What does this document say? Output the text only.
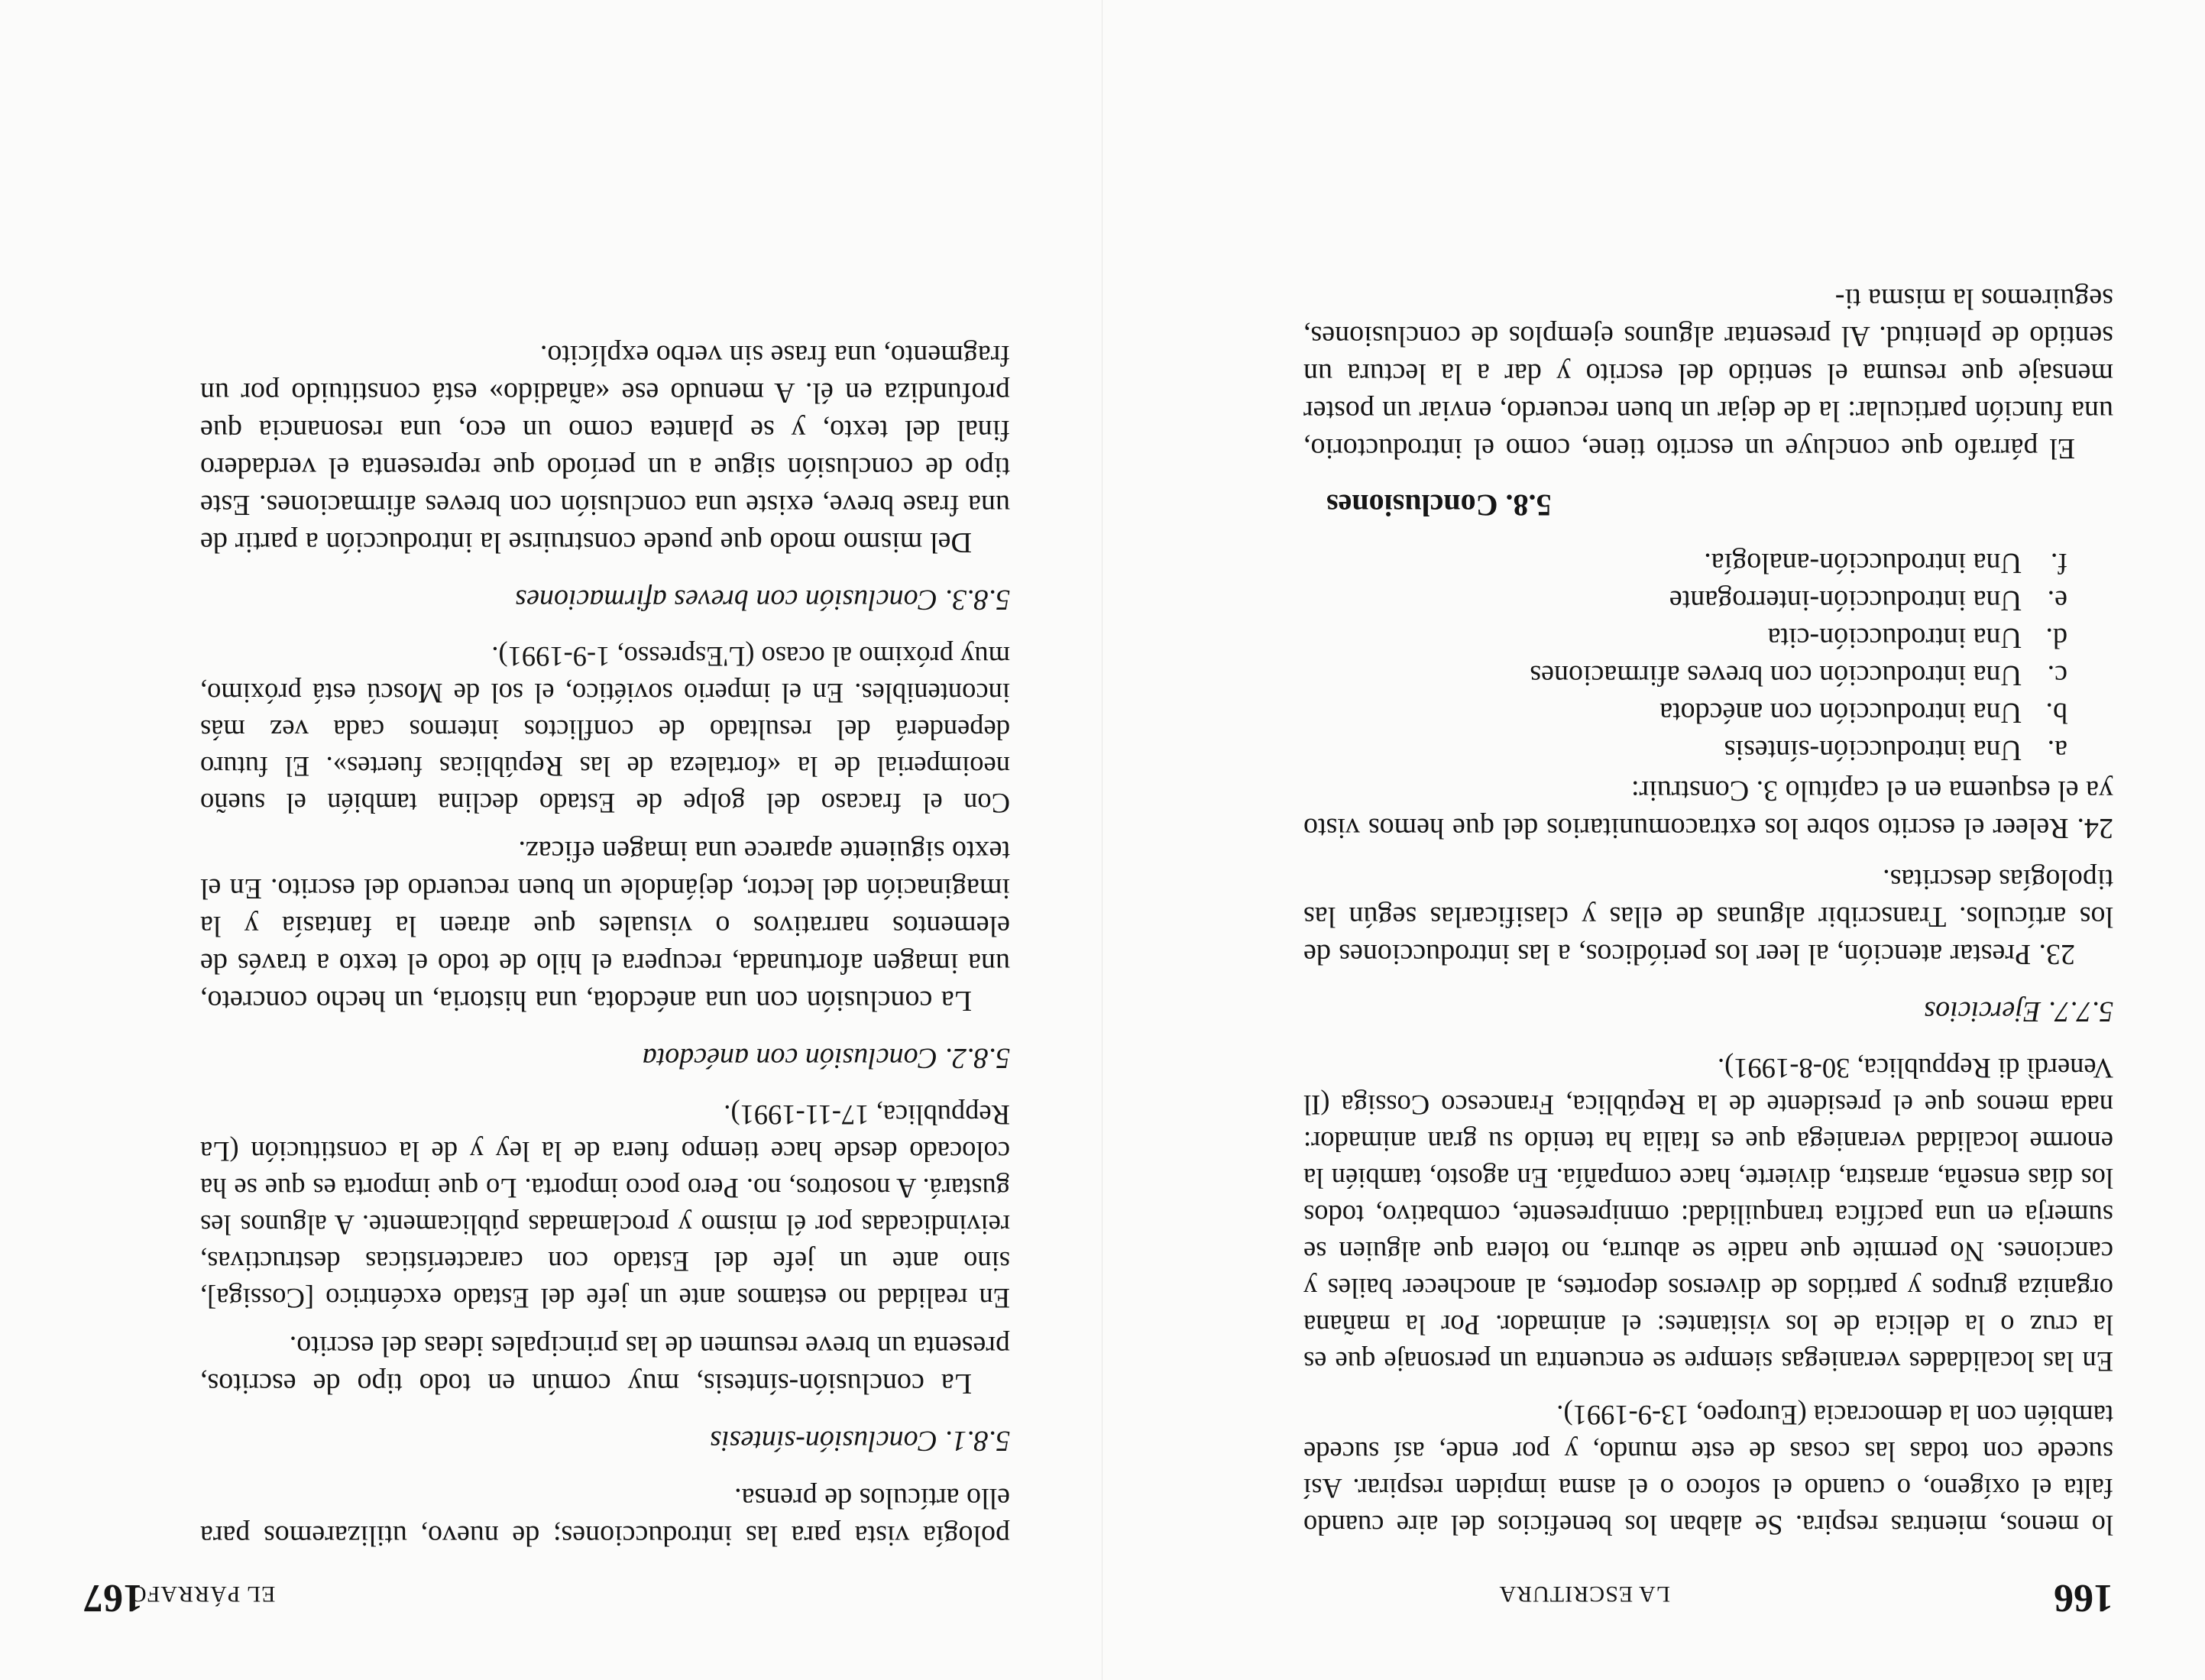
166
LA ESCRITURA

lo menos, mientras respira. Se alaban los beneficios del aire cuando falta el oxígeno, o cuando el sofoco o el asma impiden respirar. Así sucede con todas las cosas de este mundo, y por ende, así sucede también con la democracia (Europeo, 13-9-1991).

En las localidades veraniegas siempre se encuentra un personaje que es la cruz o la delicia de los visitantes: el animador. Por la mañana organiza grupos y partidos de diversos deportes, al anochecer bailes y canciones. No permite que nadie se aburra, no tolera que alguien se sumerja en una pacífica tranquilidad: omnipresente, combativo, todos los días enseña, arrastra, divierte, hace compañía. En agosto, también la enorme localidad veraniega que es Italia ha tenido su gran animador: nada menos que el presidente de la República, Francesco Cossiga (Il Venerdì di Reppublica, 30-8-1991).

5.7.7. Ejercicios

23. Prestar atención, al leer los periódicos, a las introducciones de los artículos. Transcribir algunas de ellas y clasificarlas según las tipologías descritas.

24. Releer el escrito sobre los extracomunitarios del que hemos visto ya el esquema en el capítulo 3. Construir:

a.Una introducción-síntesis
b.Una introducción con anécdota
c.Una introducción con breves afirmaciones
d.Una introducción-cita
e.Una introducción-interrogante
f.Una introducción-analogía.
5.8. Conclusiones

El párrafo que concluye un escrito tiene, como el introductorio, una función particular: la de dejar un buen recuerdo, enviar un poster mensaje que resuma el sentido del escrito y dar a la lectura un sentido de plenitud. Al presentar algunos ejemplos de conclusiones, seguiremos la misma ti-

EL PÁRRAFO
167

pología vista para las introducciones; de nuevo, utilizaremos para ello artículos de prensa.

5.8.1. Conclusión-síntesis

La conclusión-síntesis, muy común en todo tipo de escritos, presenta un breve resumen de las principales ideas del escrito.

En realidad no estamos ante un jefe del Estado excéntrico [Cossiga], sino ante un jefe del Estado con características destructivas, reivindicadas por él mismo y proclamadas públicamente. A algunos les gustará. A nosotros, no. Pero poco importa. Lo que importa es que se ha colocado desde hace tiempo fuera de la ley y de la constitución (La Reppublica, 17-11-1991).

5.8.2. Conclusión con anécdota

La conclusión con una anécdota, una historia, un hecho concreto, una imagen afortunada, recupera el hilo de todo el texto a través de elementos narrativos o visuales que atraen la fantasía y la imaginación del lector, dejándole un buen recuerdo del escrito. En el texto siguiente aparece una imagen eficaz.

Con el fracaso del golpe de Estado declina también el sueño neoimperial de la «fortaleza de las Repúblicas fuertes». El futuro dependerá del resultado de conflictos internos cada vez más incontenibles. En el imperio soviético, el sol de Moscú está próximo, muy próximo al ocaso (L'Espresso, 1-9-1991).

5.8.3. Conclusión con breves afirmaciones

Del mismo modo que puede construirse la introducción a partir de una frase breve, existe una conclusión con breves afirmaciones. Este tipo de conclusión sigue a un período que representa el verdadero final del texto, y se plantea como un eco, una resonancia que profundiza en él. A menudo ese «añadido» está constituido por un fragmento, una frase sin verbo explícito.
